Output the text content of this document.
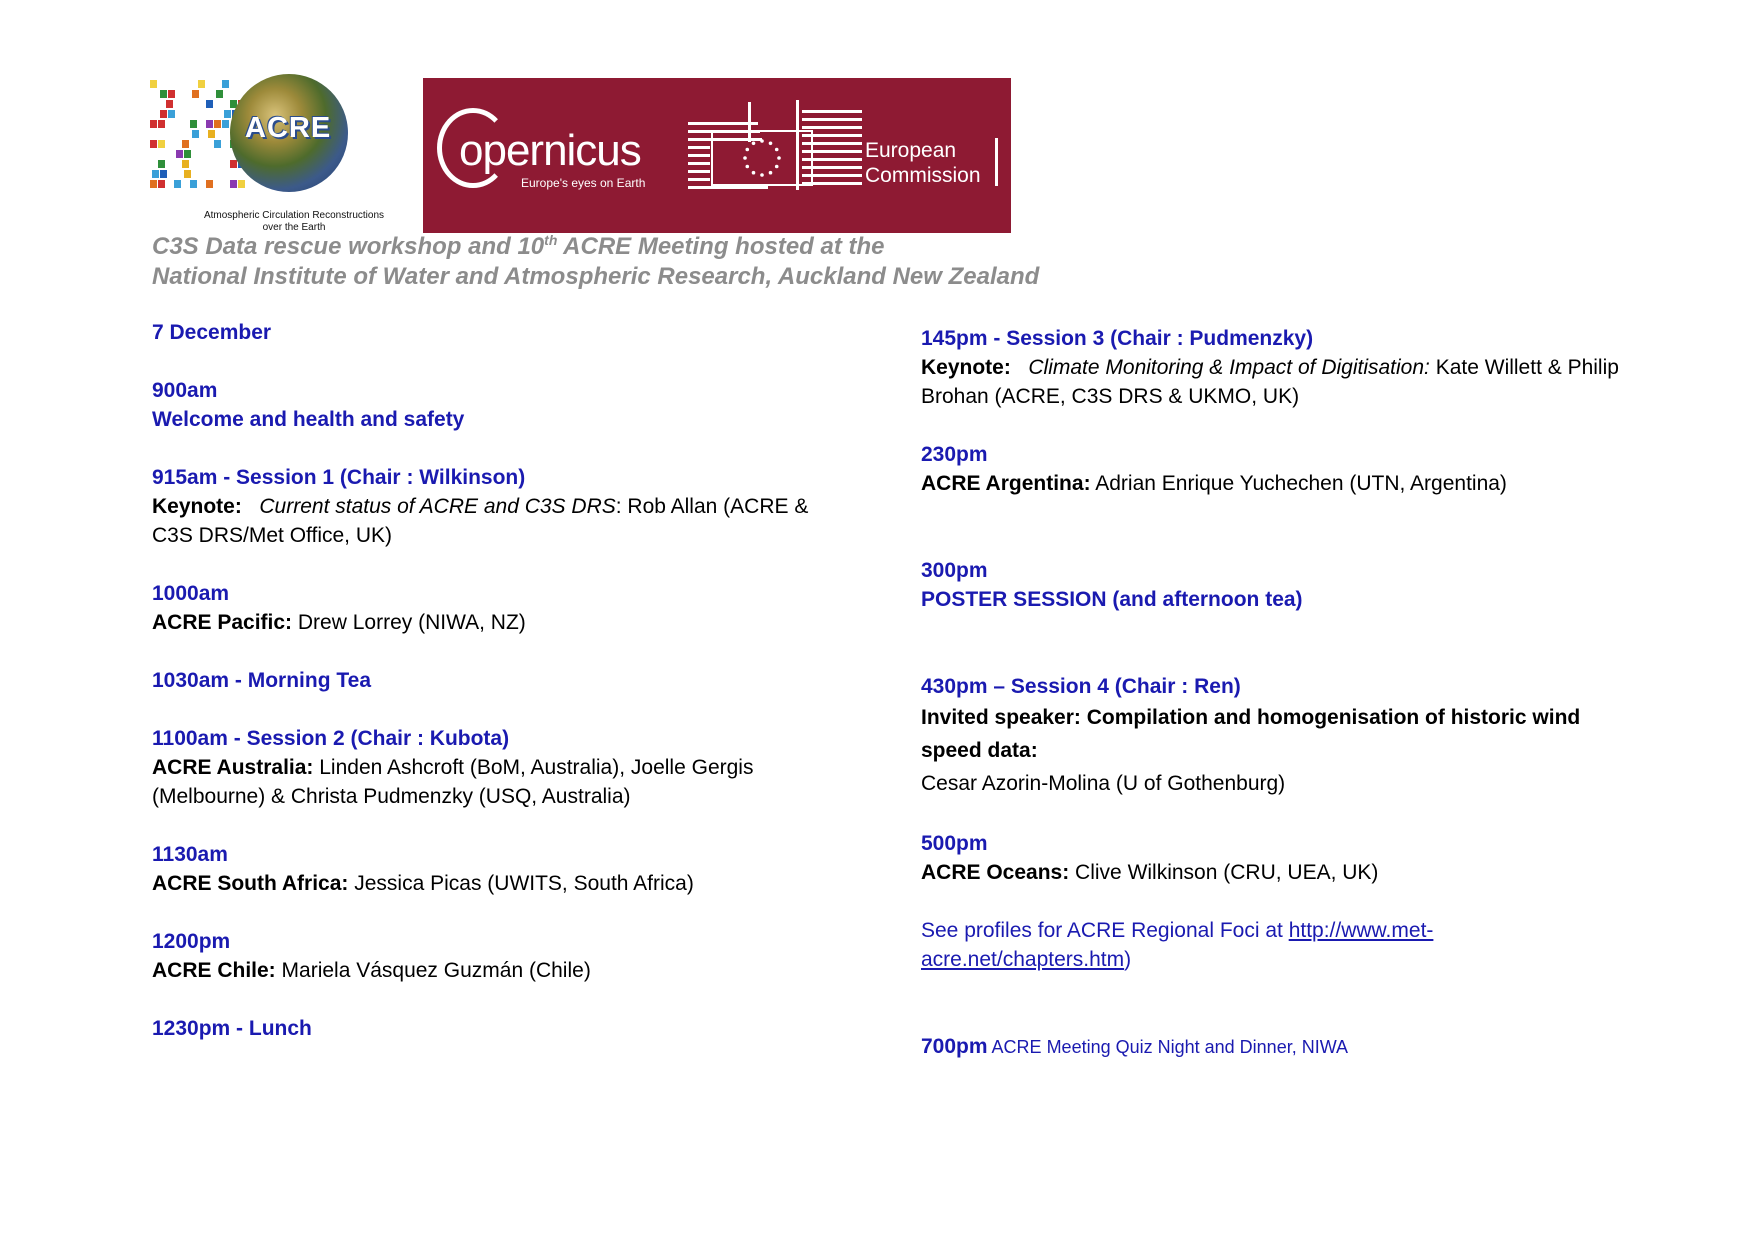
ACRE
Atmospheric Circulation Reconstructions
over the Earth
opernicus
Europe's eyes on Earth
European
Commission
C3S Data rescue workshop and 10th ACRE Meeting hosted at the
National Institute of Water and Atmospheric Research, Auckland New Zealand
7 December
900am
Welcome and health and safety
915am - Session 1 (Chair : Wilkinson)
Keynote: Current status of ACRE and C3S DRS: Rob Allan (ACRE & C3S DRS/Met Office, UK)
1000am
ACRE Pacific: Drew Lorrey (NIWA, NZ)
1030am - Morning Tea
1100am - Session 2 (Chair : Kubota)
ACRE Australia: Linden Ashcroft (BoM, Australia), Joelle Gergis (Melbourne) & Christa Pudmenzky (USQ, Australia)
1130am
ACRE South Africa: Jessica Picas (UWITS, South Africa)
1200pm
ACRE Chile: Mariela Vásquez Guzmán (Chile)
1230pm - Lunch
145pm - Session 3 (Chair : Pudmenzky)
Keynote: Climate Monitoring & Impact of Digitisation: Kate Willett & Philip Brohan (ACRE, C3S DRS & UKMO, UK)
230pm
ACRE Argentina: Adrian Enrique Yuchechen (UTN, Argentina)
300pm
POSTER SESSION (and afternoon tea)
430pm – Session 4 (Chair : Ren)
Invited speaker: Compilation and homogenisation of historic wind speed data:
Cesar Azorin-Molina (U of Gothenburg)
500pm
ACRE Oceans: Clive Wilkinson (CRU, UEA, UK)
See profiles for ACRE Regional Foci at http://www.met-acre.net/chapters.htm)
700pm ACRE Meeting Quiz Night and Dinner, NIWA
